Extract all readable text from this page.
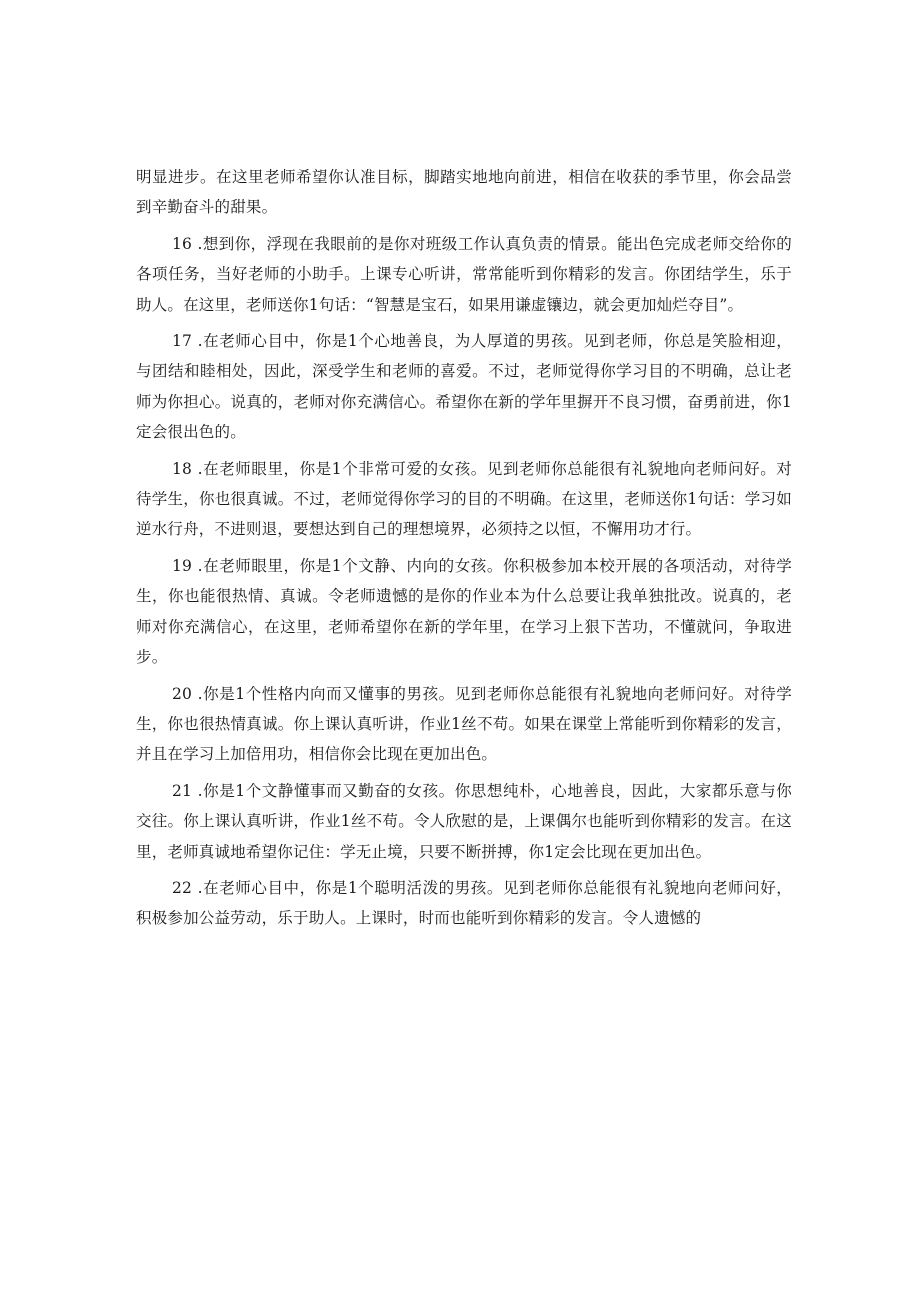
明显进步。在这里老师希望你认准目标，脚踏实地地向前进，相信在收获的季节里，你会品尝到辛勤奋斗的甜果。

16 .想到你，浮现在我眼前的是你对班级工作认真负责的情景。能出色完成老师交给你的各项任务，当好老师的小助手。上课专心听讲，常常能听到你精彩的发言。你团结学生，乐于助人。在这里，老师送你1句话：“智慧是宝石，如果用谦虚镶边，就会更加灿烂夺目”。

17 .在老师心目中，你是1个心地善良，为人厚道的男孩。见到老师，你总是笑脸相迎，与团结和睦相处，因此，深受学生和老师的喜爱。不过，老师觉得你学习目的不明确，总让老师为你担心。说真的，老师对你充满信心。希望你在新的学年里摒开不良习惯，奋勇前进，你1定会很出色的。

18 .在老师眼里，你是1个非常可爱的女孩。见到老师你总能很有礼貌地向老师问好。对待学生，你也很真诚。不过，老师觉得你学习的目的不明确。在这里，老师送你1句话：学习如逆水行舟，不进则退，要想达到自己的理想境界，必须持之以恒，不懈用功才行。

19 .在老师眼里，你是1个文静、内向的女孩。你积极参加本校开展的各项活动，对待学生，你也能很热情、真诚。令老师遗憾的是你的作业本为什么总要让我单独批改。说真的，老师对你充满信心，在这里，老师希望你在新的学年里，在学习上狠下苦功，不懂就问，争取进步。

20 .你是1个性格内向而又懂事的男孩。见到老师你总能很有礼貌地向老师问好。对待学生，你也很热情真诚。你上课认真听讲，作业1丝不苟。如果在课堂上常能听到你精彩的发言，并且在学习上加倍用功，相信你会比现在更加出色。

21 .你是1个文静懂事而又勤奋的女孩。你思想纯朴，心地善良，因此，大家都乐意与你交往。你上课认真听讲，作业1丝不苟。令人欣慰的是，上课偶尔也能听到你精彩的发言。在这里，老师真诚地希望你记住：学无止境，只要不断拼搏，你1定会比现在更加出色。

22 .在老师心目中，你是1个聪明活泼的男孩。见到老师你总能很有礼貌地向老师问好，积极参加公益劳动，乐于助人。上课时，时而也能听到你精彩的发言。令人遗憾的
